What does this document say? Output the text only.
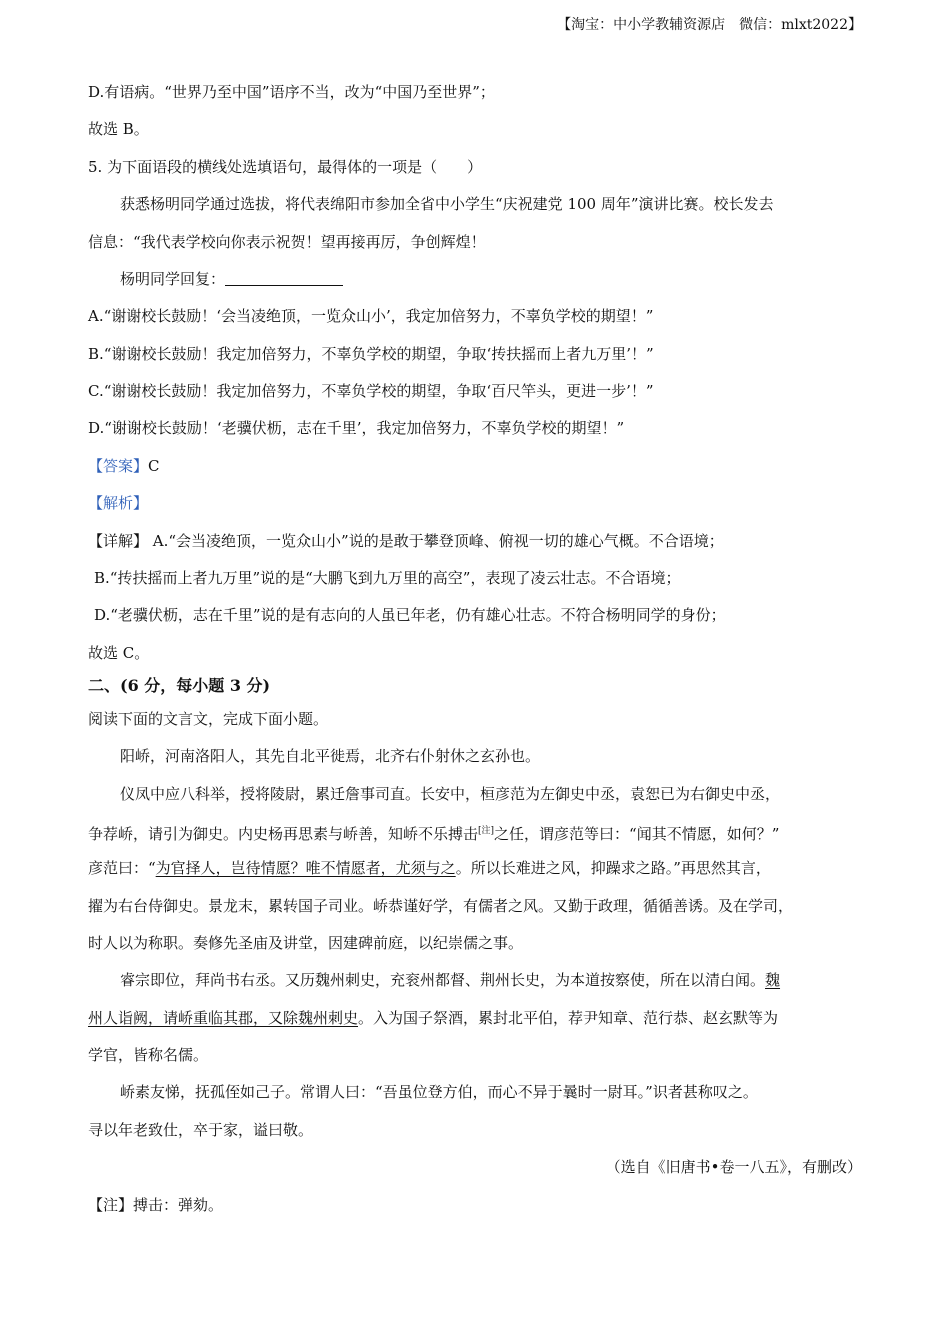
【淘宝：中小学教辅资源店　微信：mlxt2022】
D.有语病。“世界乃至中国”语序不当，改为“中国乃至世界”；
故选 B。
5. 为下面语段的横线处选填语句，最得体的一项是（　　）
获悉杨明同学通过选拔，将代表绵阳市参加全省中小学生“庆祝建党 100 周年”演讲比赛。校长发去
信息：“我代表学校向你表示祝贺！望再接再厉，争创辉煌！
杨明同学回复：
A.“谢谢校长鼓励！‘会当凌绝顶，一览众山小’，我定加倍努力，不辜负学校的期望！”
B.“谢谢校长鼓励！我定加倍努力，不辜负学校的期望，争取‘抟扶摇而上者九万里’！”
C.“谢谢校长鼓励！我定加倍努力，不辜负学校的期望，争取‘百尺竿头，更进一步’！”
D.“谢谢校长鼓励！‘老骥伏枥，志在千里’，我定加倍努力，不辜负学校的期望！”
【答案】C
【解析】
【详解】 A.“会当凌绝顶，一览众山小”说的是敢于攀登顶峰、俯视一切的雄心气概。不合语境；
B.“抟扶摇而上者九万里”说的是“大鹏飞到九万里的高空”，表现了凌云壮志。不合语境；
D.“老骥伏枥，志在千里”说的是有志向的人虽已年老，仍有雄心壮志。不符合杨明同学的身份；
故选 C。
二、(6 分，每小题 3 分)
阅读下面的文言文，完成下面小题。
阳峤，河南洛阳人，其先自北平徙焉，北齐右仆射休之玄孙也。
仪凤中应八科举，授将陵尉，累迁詹事司直。长安中，桓彦范为左御史中丞，袁恕已为右御史中丞，
争荐峤，请引为御史。内史杨再思素与峤善，知峤不乐搏击[注]之任，谓彦范等曰：“闻其不情愿，如何？”
彦范曰：“为官择人，岂待情愿？唯不情愿者，尤须与之。所以长难进之风，抑躁求之路。”再思然其言，
擢为右台侍御史。景龙末，累转国子司业。峤恭谨好学，有儒者之风。又勤于政理，循循善诱。及在学司，
时人以为称职。奏修先圣庙及讲堂，因建碑前庭，以纪崇儒之事。
睿宗即位，拜尚书右丞。又历魏州刺史，充衮州都督、荆州长史，为本道按察使，所在以清白闻。魏
州人诣阙，请峤重临其郡，又除魏州刺史。入为国子祭酒，累封北平伯，荐尹知章、范行恭、赵玄默等为
学官，皆称名儒。
峤素友悌，抚孤侄如己子。常谓人曰：“吾虽位登方伯，而心不异于曩时一尉耳。”识者甚称叹之。
寻以年老致仕，卒于家，谥曰敬。
（选自《旧唐书•卷一八五》，有删改）
【注】搏击：弹劾。
